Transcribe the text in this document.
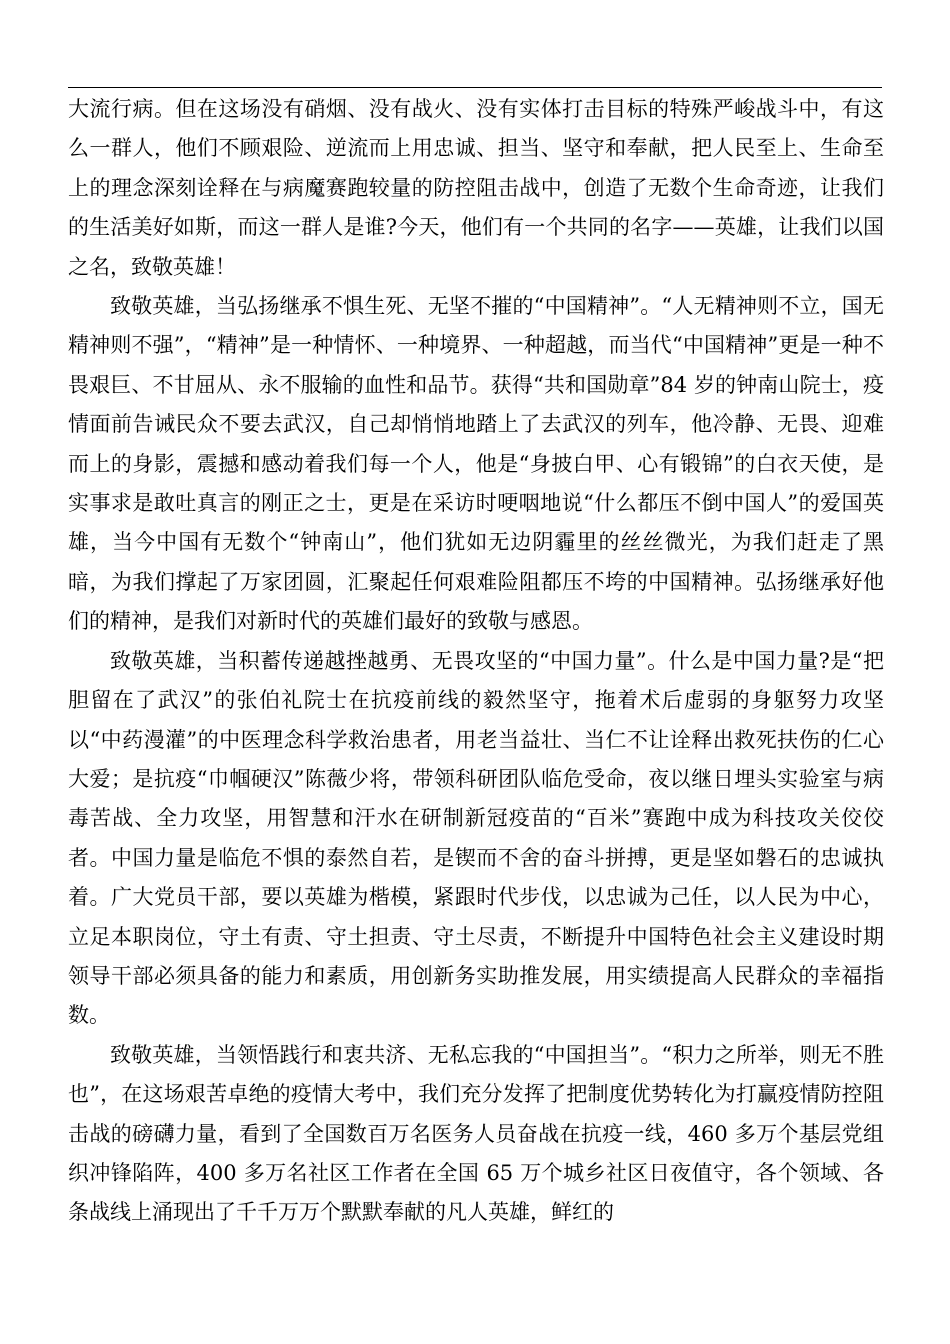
大流行病。但在这场没有硝烟、没有战火、没有实体打击目标的特殊严峻战斗中，有这么一群人，他们不顾艰险、逆流而上用忠诚、担当、坚守和奉献，把人民至上、生命至上的理念深刻诠释在与病魔赛跑较量的防控阻击战中，创造了无数个生命奇迹，让我们的生活美好如斯，而这一群人是谁?今天，他们有一个共同的名字——英雄，让我们以国之名，致敬英雄！

致敬英雄，当弘扬继承不惧生死、无坚不摧的“中国精神”。“人无精神则不立，国无精神则不强”，“精神”是一种情怀、一种境界、一种超越，而当代“中国精神”更是一种不畏艰巨、不甘屈从、永不服输的血性和品节。获得“共和国勋章”84 岁的钟南山院士，疫情面前告诫民众不要去武汉，自己却悄悄地踏上了去武汉的列车，他冷静、无畏、迎难而上的身影，震撼和感动着我们每一个人，他是“身披白甲、心有锻锦”的白衣天使，是实事求是敢吐真言的刚正之士，更是在采访时哽咽地说“什么都压不倒中国人”的爱国英雄，当今中国有无数个“钟南山”，他们犹如无边阴霾里的丝丝微光，为我们赶走了黑暗，为我们撑起了万家团圆，汇聚起任何艰难险阻都压不垮的中国精神。弘扬继承好他们的精神，是我们对新时代的英雄们最好的致敬与感恩。

致敬英雄，当积蓄传递越挫越勇、无畏攻坚的“中国力量”。什么是中国力量?是“把胆留在了武汉”的张伯礼院士在抗疫前线的毅然坚守，拖着术后虚弱的身躯努力攻坚以“中药漫灌”的中医理念科学救治患者，用老当益壮、当仁不让诠释出救死扶伤的仁心大爱；是抗疫“巾帼硬汉”陈薇少将，带领科研团队临危受命，夜以继日埋头实验室与病毒苦战、全力攻坚，用智慧和汗水在研制新冠疫苗的“百米”赛跑中成为科技攻关佼佼者。中国力量是临危不惧的泰然自若，是锲而不舍的奋斗拼搏，更是坚如磐石的忠诚执着。广大党员干部，要以英雄为楷模，紧跟时代步伐，以忠诚为己任，以人民为中心，立足本职岗位，守土有责、守土担责、守土尽责，不断提升中国特色社会主义建设时期领导干部必须具备的能力和素质，用创新务实助推发展，用实绩提高人民群众的幸福指数。

致敬英雄，当领悟践行和衷共济、无私忘我的“中国担当”。“积力之所举，则无不胜也”，在这场艰苦卓绝的疫情大考中，我们充分发挥了把制度优势转化为打赢疫情防控阻击战的磅礴力量，看到了全国数百万名医务人员奋战在抗疫一线，460 多万个基层党组织冲锋陷阵，400 多万名社区工作者在全国 65 万个城乡社区日夜值守，各个领域、各条战线上涌现出了千千万万个默默奉献的凡人英雄，鲜红的
